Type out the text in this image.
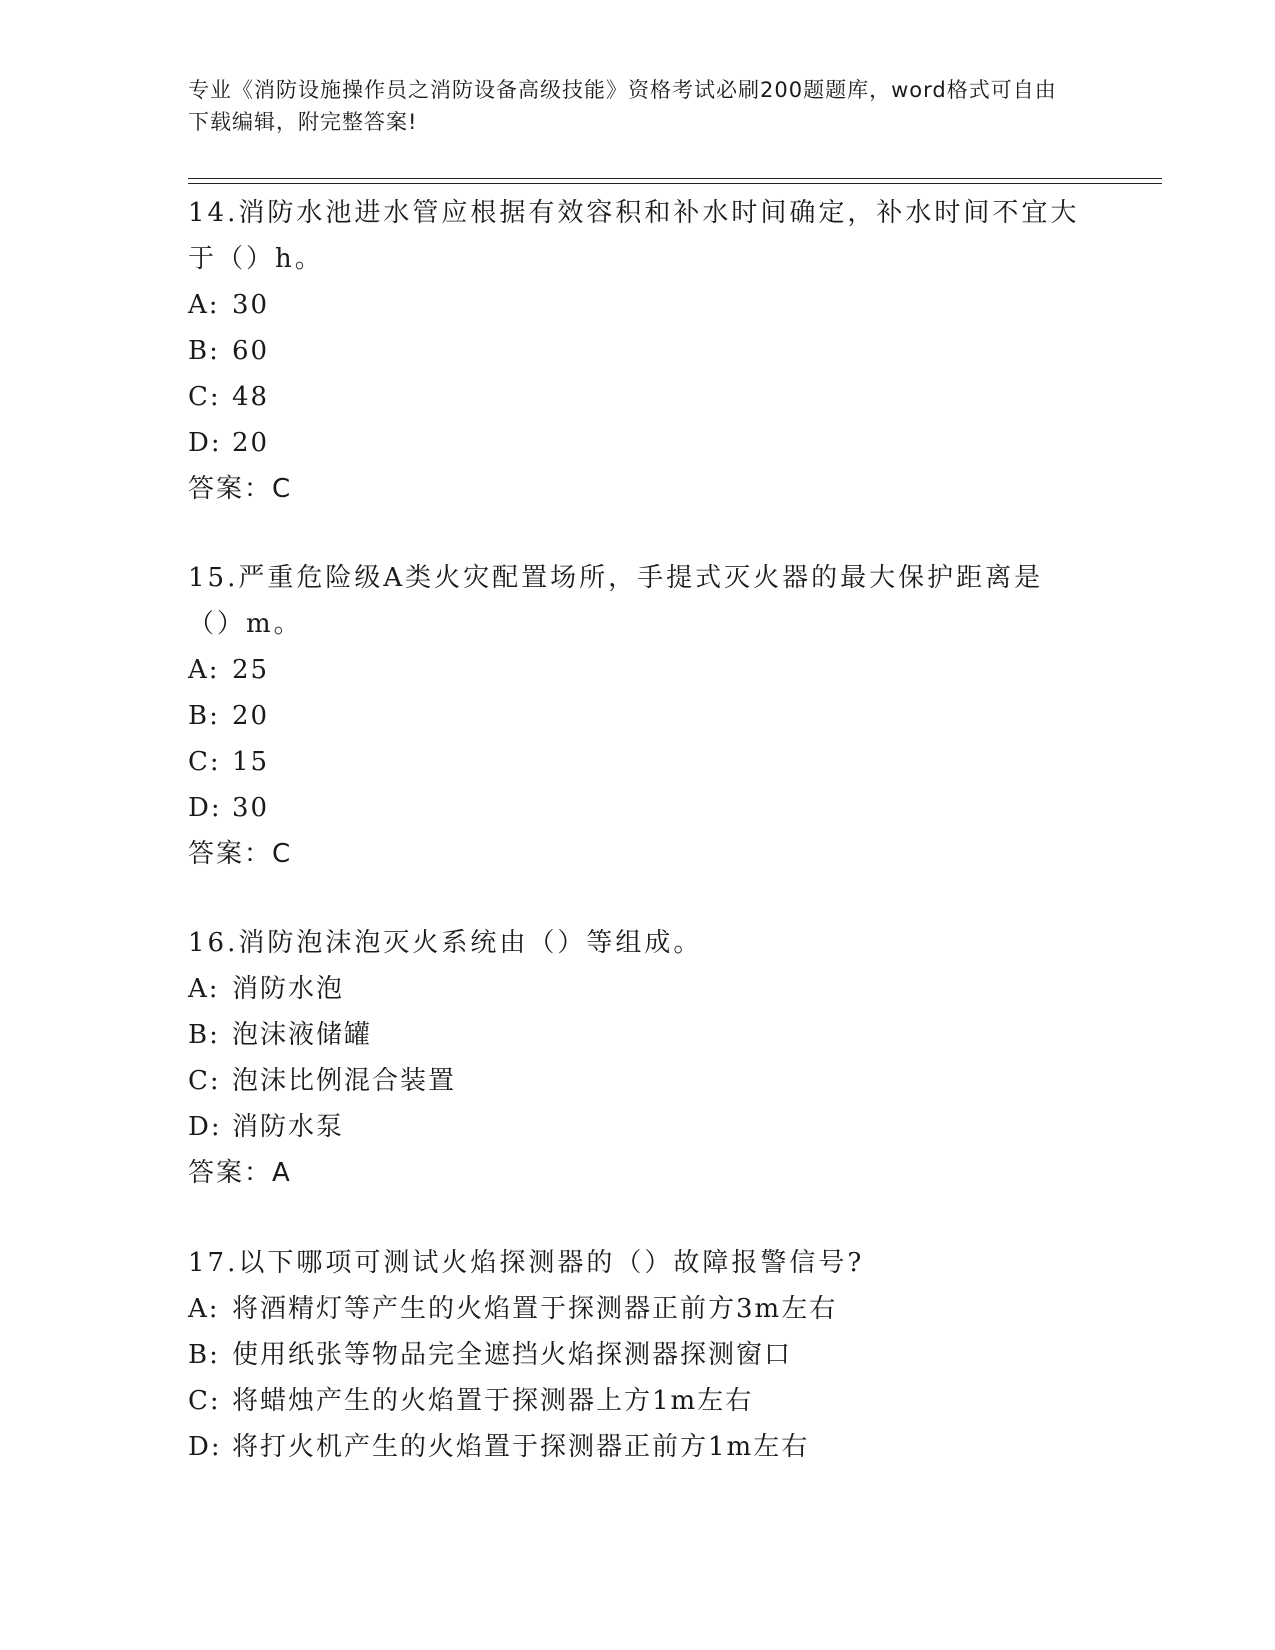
专业《消防设施操作员之消防设备高级技能》资格考试必刷200题题库，word格式可自由下载编辑，附完整答案!

14.消防水池进水管应根据有效容积和补水时间确定，补水时间不宜大于（）h。

A: 30

B: 60

C: 48

D: 20

答案：C

15.严重危险级A类火灾配置场所，手提式灭火器的最大保护距离是（）m。

A: 25

B: 20

C: 15

D: 30

答案：C

16.消防泡沫泡灭火系统由（）等组成。

A: 消防水泡

B: 泡沫液储罐

C: 泡沫比例混合装置

D: 消防水泵

答案：A

17.以下哪项可测试火焰探测器的（）故障报警信号?

A: 将酒精灯等产生的火焰置于探测器正前方3m左右

B: 使用纸张等物品完全遮挡火焰探测器探测窗口

C: 将蜡烛产生的火焰置于探测器上方1m左右

D: 将打火机产生的火焰置于探测器正前方1m左右
